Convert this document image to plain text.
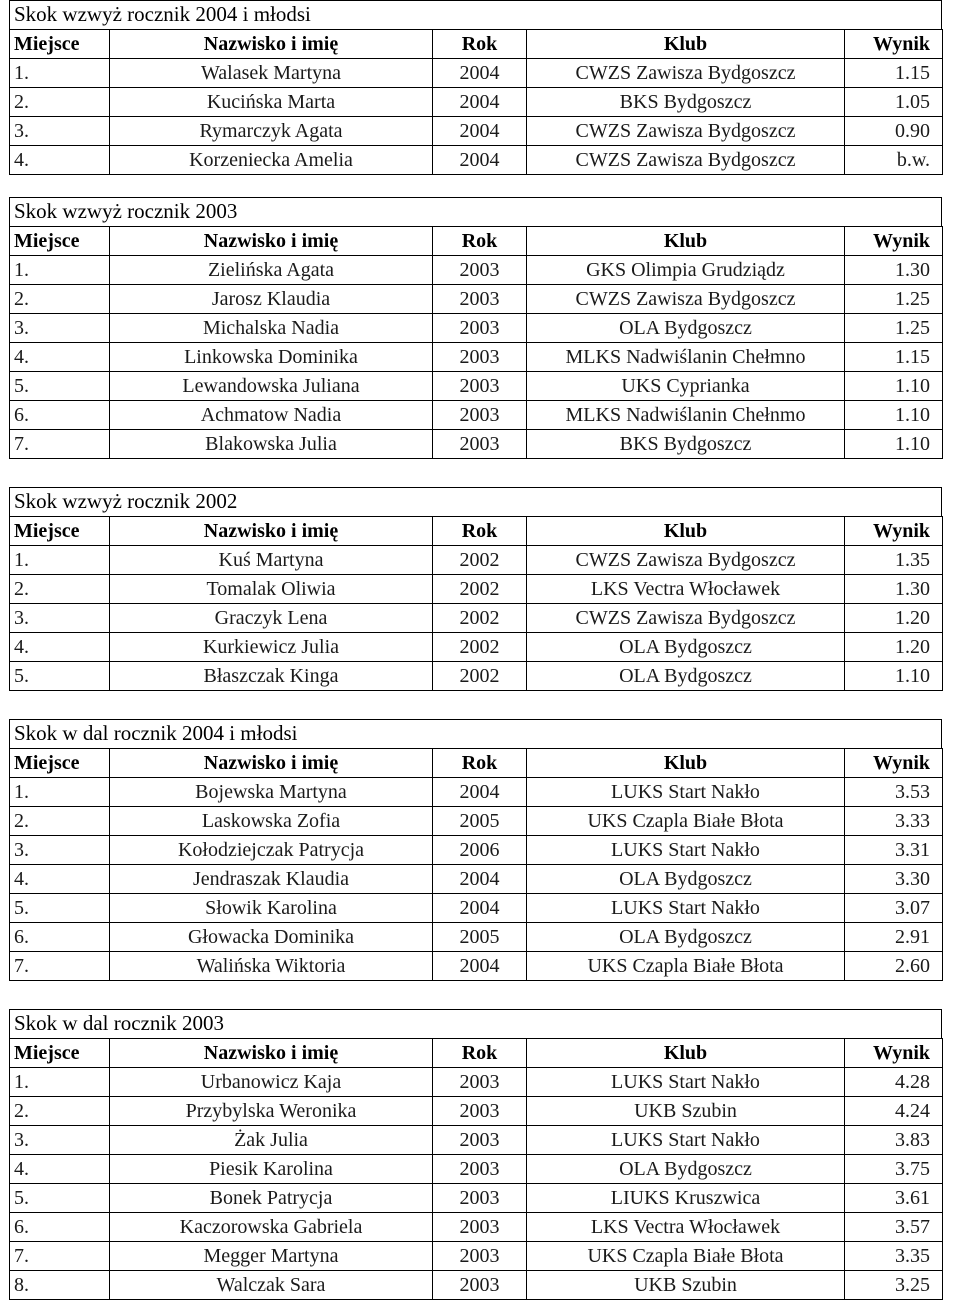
Skok wzwyż rocznik 2004 i młodsi
Miejsce	Nazwisko i imię	Rok	Klub	Wynik
1.	Walasek Martyna	2004	CWZS Zawisza Bydgoszcz	1.15
2.	Kucińska Marta	2004	BKS Bydgoszcz	1.05
3.	Rymarczyk Agata	2004	CWZS Zawisza Bydgoszcz	0.90
4.	Korzeniecka Amelia	2004	CWZS Zawisza Bydgoszcz	b.w.
Skok wzwyż rocznik 2003
Miejsce	Nazwisko i imię	Rok	Klub	Wynik
1.	Zielińska Agata	2003	GKS Olimpia Grudziądz	1.30
2.	Jarosz Klaudia	2003	CWZS Zawisza Bydgoszcz	1.25
3.	Michalska Nadia	2003	OLA Bydgoszcz	1.25
4.	Linkowska Dominika	2003	MLKS Nadwiślanin Chełmno	1.15
5.	Lewandowska Juliana	2003	UKS Cyprianka	1.10
6.	Achmatow Nadia	2003	MLKS Nadwiślanin Chełnmo	1.10
7.	Blakowska Julia	2003	BKS Bydgoszcz	1.10
Skok wzwyż rocznik 2002
Miejsce	Nazwisko i imię	Rok	Klub	Wynik
1.	Kuś Martyna	2002	CWZS Zawisza Bydgoszcz	1.35
2.	Tomalak Oliwia	2002	LKS Vectra Włocławek	1.30
3.	Graczyk Lena	2002	CWZS Zawisza Bydgoszcz	1.20
4.	Kurkiewicz Julia	2002	OLA Bydgoszcz	1.20
5.	Błaszczak Kinga	2002	OLA Bydgoszcz	1.10
Skok w dal rocznik 2004 i młodsi
Miejsce	Nazwisko i imię	Rok	Klub	Wynik
1.	Bojewska Martyna	2004	LUKS Start Nakło	3.53
2.	Laskowska Zofia	2005	UKS Czapla Białe Błota	3.33
3.	Kołodziejczak Patrycja	2006	LUKS Start Nakło	3.31
4.	Jendraszak Klaudia	2004	OLA Bydgoszcz	3.30
5.	Słowik Karolina	2004	LUKS Start Nakło	3.07
6.	Głowacka Dominika	2005	OLA Bydgoszcz	2.91
7.	Walińska Wiktoria	2004	UKS Czapla Białe Błota	2.60
Skok w dal rocznik 2003
Miejsce	Nazwisko i imię	Rok	Klub	Wynik
1.	Urbanowicz Kaja	2003	LUKS Start Nakło	4.28
2.	Przybylska Weronika	2003	UKB Szubin	4.24
3.	Żak Julia	2003	LUKS Start Nakło	3.83
4.	Piesik Karolina	2003	OLA Bydgoszcz	3.75
5.	Bonek Patrycja	2003	LIUKS Kruszwica	3.61
6.	Kaczorowska Gabriela	2003	LKS Vectra Włocławek	3.57
7.	Megger Martyna	2003	UKS Czapla Białe Błota	3.35
8.	Walczak Sara	2003	UKB Szubin	3.25
